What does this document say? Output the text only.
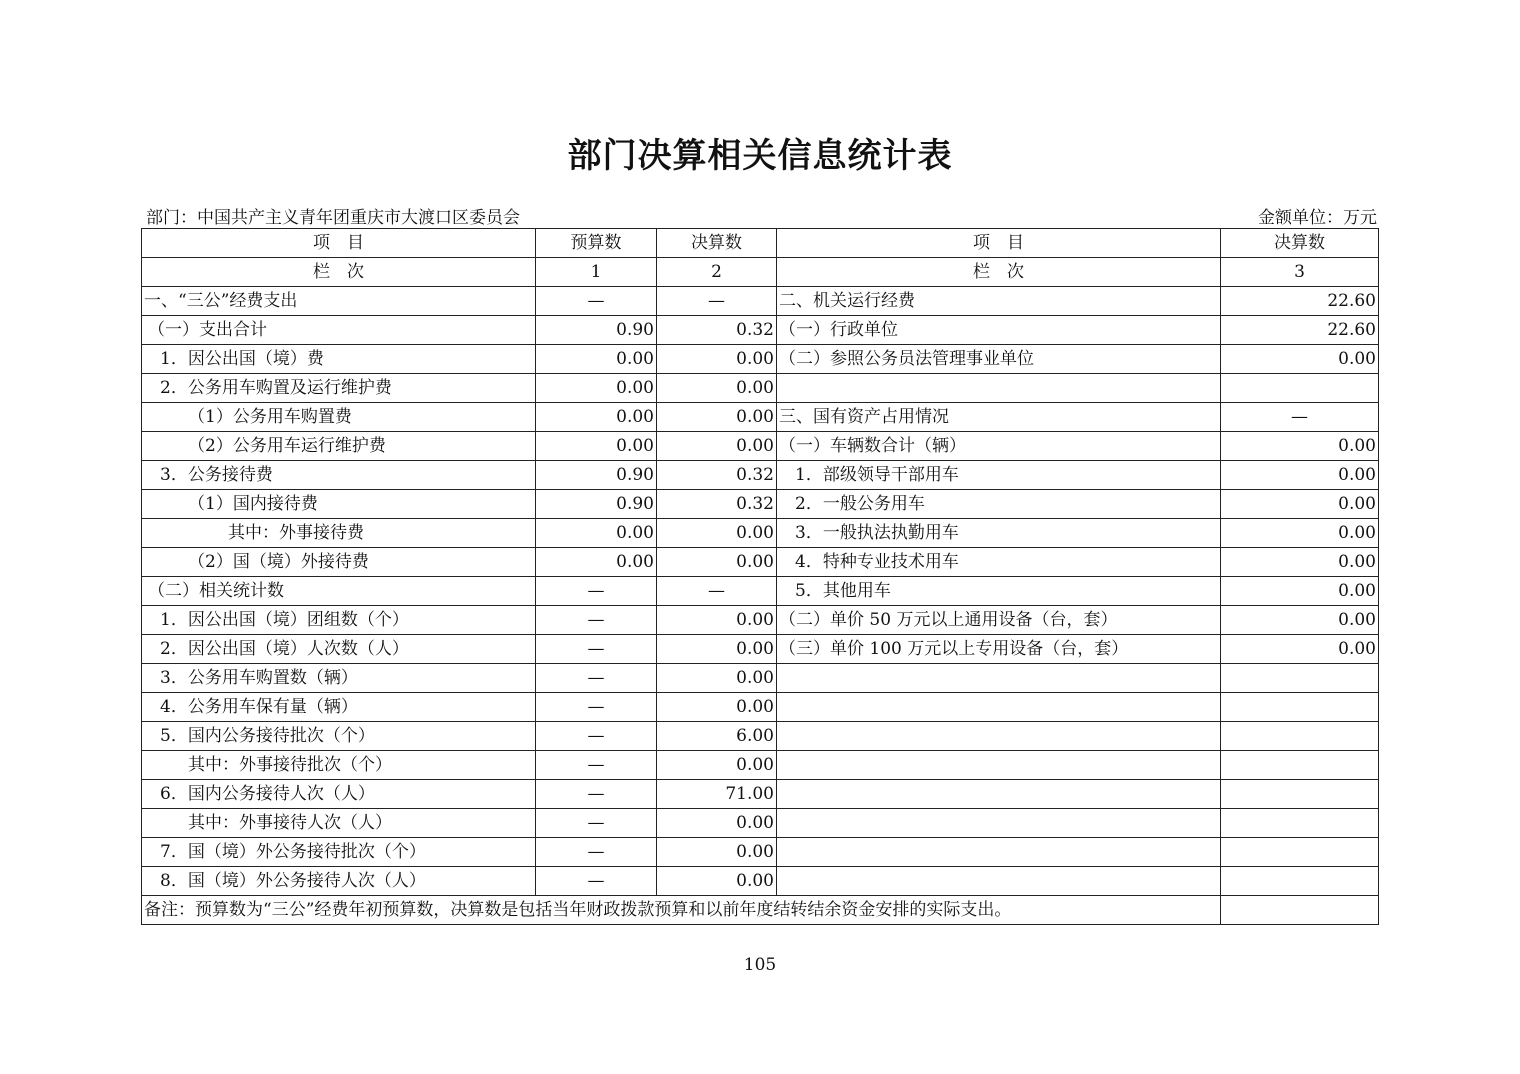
部门决算相关信息统计表
部门：中国共产主义青年团重庆市大渡口区委员会	金额单位：万元
项　目	预算数	决算数	项　目	决算数
栏　次	1	2	栏　次	3
一、“三公”经费支出	—	—	二、机关运行经费	22.60
（一）支出合计	0.90	0.32	（一）行政单位	22.60
1．因公出国（境）费	0.00	0.00	（二）参照公务员法管理事业单位	0.00
2．公务用车购置及运行维护费	0.00	0.00		
（1）公务用车购置费	0.00	0.00	三、国有资产占用情况	—
（2）公务用车运行维护费	0.00	0.00	（一）车辆数合计（辆）	0.00
3．公务接待费	0.90	0.32	1．部级领导干部用车	0.00
（1）国内接待费	0.90	0.32	2．一般公务用车	0.00
其中：外事接待费	0.00	0.00	3．一般执法执勤用车	0.00
（2）国（境）外接待费	0.00	0.00	4．特种专业技术用车	0.00
（二）相关统计数	—	—	5．其他用车	0.00
1．因公出国（境）团组数（个）	—	0.00	（二）单价 50 万元以上通用设备（台，套）	0.00
2．因公出国（境）人次数（人）	—	0.00	（三）单价 100 万元以上专用设备（台，套）	0.00
3．公务用车购置数（辆）	—	0.00		
4．公务用车保有量（辆）	—	0.00		
5．国内公务接待批次（个）	—	6.00		
其中：外事接待批次（个）	—	0.00		
6．国内公务接待人次（人）	—	71.00		
其中：外事接待人次（人）	—	0.00		
7．国（境）外公务接待批次（个）	—	0.00		
8．国（境）外公务接待人次（人）	—	0.00		
备注：预算数为“三公”经费年初预算数，决算数是包括当年财政拨款预算和以前年度结转结余资金安排的实际支出。				
105
